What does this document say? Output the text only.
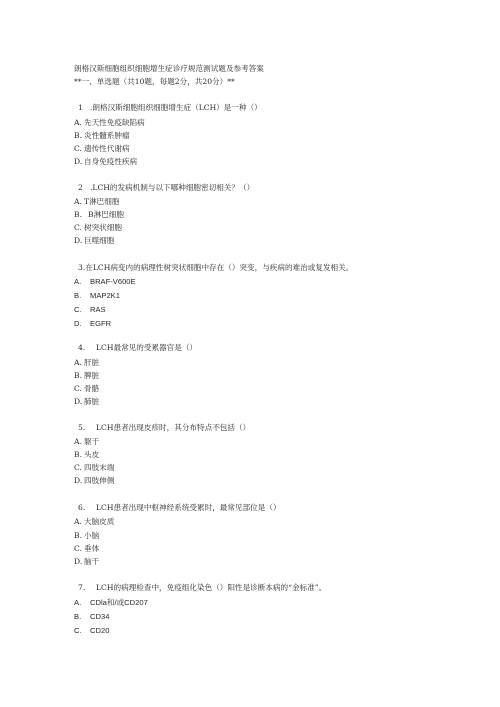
朗格汉斯细胞组织细胞增生症诊疗规范测试题及参考答案
**一、单选题（共10题，每题2分，共20分）**
1 .朗格汉斯细胞组织细胞增生症（LCH）是一种（）
A. 先天性免疫缺陷病
B. 炎性髓系肿瘤
C. 遗传性代谢病
D. 自身免疫性疾病
2 .LCH的发病机制与以下哪种细胞密切相关？（）
A. T淋巴细胞
B. B淋巴细胞
C. 树突状细胞
D. 巨噬细胞
3.在LCH病变内的病理性树突状细胞中存在（）突变，与疾病的难治或复发相关。
A. BRAF-V600E
B. MAP2K1
C. RAS
D. EGFR
4. LCH最常见的受累器官是（）
A. 肝脏
B. 脾脏
C. 骨骼
D. 肺脏
5. LCH患者出现皮疹时，其分布特点不包括（）
A. 躯干
B. 头皮
C. 四肢末端
D. 四肢伸侧
6. LCH患者出现中枢神经系统受累时，最常见部位是（）
A. 大脑皮质
B. 小脑
C. 垂体
D. 脑干
7. LCH的病理检查中，免疫组化染色（）阳性是诊断本病的“金标准”。
A. CDla和/或CD207
B. CD34
C. CD20
